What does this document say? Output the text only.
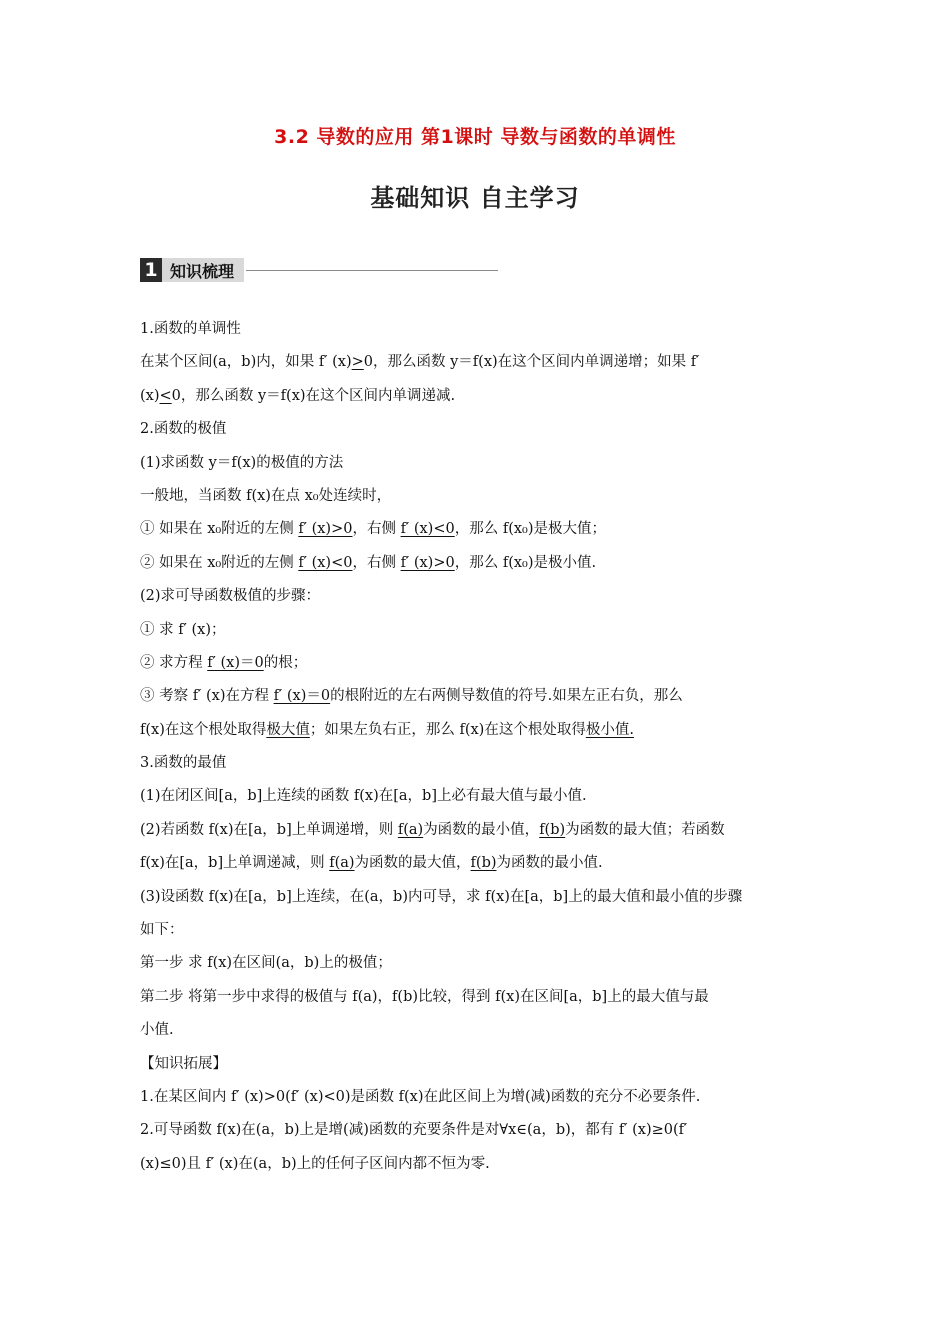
3.2 导数的应用 第1课时 导数与函数的单调性
基础知识 自主学习
1 知识梳理
1.函数的单调性
在某个区间(a，b)内，如果 f′ (x)>0，那么函数 y＝f(x)在这个区间内单调递增；如果 f′
(x)<0，那么函数 y＝f(x)在这个区间内单调递减.
2.函数的极值
(1)求函数 y＝f(x)的极值的方法
一般地，当函数 f(x)在点 x₀处连续时，
① 如果在 x₀附近的左侧 f′ (x)>0，右侧 f′ (x)<0，那么 f(x₀)是极大值；
② 如果在 x₀附近的左侧 f′ (x)<0，右侧 f′ (x)>0，那么 f(x₀)是极小值.
(2)求可导函数极值的步骤：
① 求 f′ (x)；
② 求方程 f′ (x)＝0的根；
③ 考察 f′ (x)在方程 f′ (x)＝0的根附近的左右两侧导数值的符号.如果左正右负，那么
f(x)在这个根处取得极大值；如果左负右正，那么 f(x)在这个根处取得极小值.
3.函数的最值
(1)在闭区间[a，b]上连续的函数 f(x)在[a，b]上必有最大值与最小值.
(2)若函数 f(x)在[a，b]上单调递增，则 f(a)为函数的最小值，f(b)为函数的最大值；若函数
f(x)在[a，b]上单调递减，则 f(a)为函数的最大值，f(b)为函数的最小值.
(3)设函数 f(x)在[a，b]上连续，在(a，b)内可导，求 f(x)在[a，b]上的最大值和最小值的步骤
如下：
第一步 求 f(x)在区间(a，b)上的极值；
第二步 将第一步中求得的极值与 f(a)，f(b)比较，得到 f(x)在区间[a，b]上的最大值与最
小值.
【知识拓展】
1.在某区间内 f′ (x)>0(f′ (x)<0)是函数 f(x)在此区间上为增(减)函数的充分不必要条件.
2.可导函数 f(x)在(a，b)上是增(减)函数的充要条件是对∀x∈(a，b)，都有 f′ (x)≥0(f′
(x)≤0)且 f′ (x)在(a，b)上的任何子区间内都不恒为零.
